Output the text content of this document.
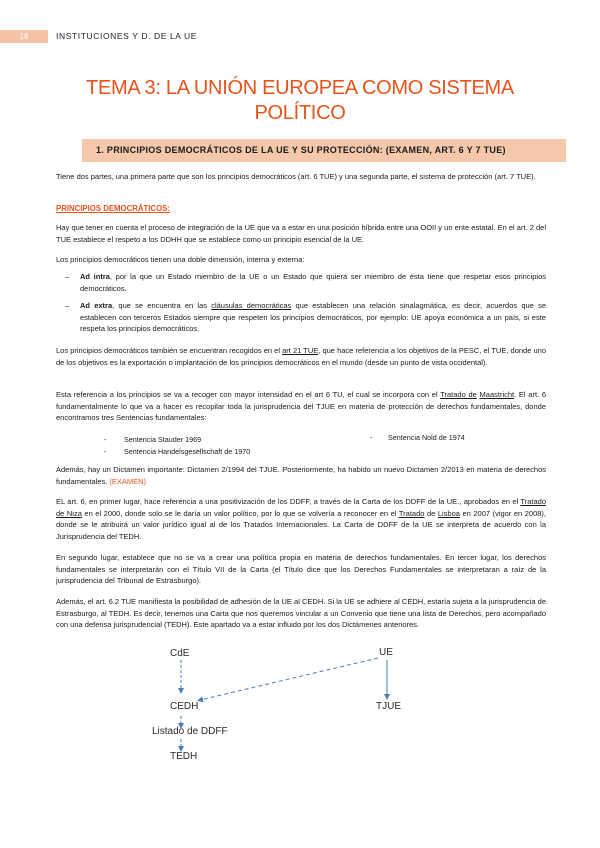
18	INSTITUCIONES Y D. DE LA UE
TEMA 3: LA UNIÓN EUROPEA COMO SISTEMA
POLÍTICO
1. PRINCIPIOS DEMOCRÁTICOS DE LA UE Y SU PROTECCIÓN: (EXAMEN, ART. 6 Y 7 TUE)
Tiene dos partes, una primera parte que son los principios democráticos (art. 6 TUE) y una segunda parte, el sistema de protección (art. 7 TUE).
PRINCIPIOS DEMOCRÁTICOS:
Hay que tener en cuenta el proceso de integración de la UE que va a estar en una posición híbrida entre una OOII y un ente estatal. En el art. 2 del TUE establece el respeto a los DDHH que se establece como un principio esencial de la UE.
Los principios democráticos tienen una doble dimensión, interna y externa:
– Ad intra, por la que un Estado miembro de la UE o un Estado que quiera ser miembro de ésta tiene que respetar esos principios democráticos.
– Ad extra, que se encuentra en las cláusulas democráticas que establecen una relación sinalagmática, es decir, acuerdos que se establecen con terceros Estados siempre que respeten los principios democráticos, por ejemplo: UE apoya económica a un país, si este respeta los principios democráticos.
Los principios democráticos también se encuentran recogidos en el art 21 TUE, que hace referencia a los objetivos de la PESC, el TUE, donde uno de los objetivos es la exportación o implantación de los principios democráticos en el mundo (desde un punto de vista occidental).
Esta referencia a los principios se va a recoger con mayor intensidad en el art 6 TU, el cual se incorpora con el Tratado de Maastricht. El art. 6 fundamentalmente lo que va a hacer es recopilar toda la jurisprudencia del TJUE en materia de protección de derechos fundamentales, donde encontramos tres Sentencias fundamentales:
- Sentencia Stauder 1969
- Sentencia Handelsgesellschaft de 1970
- Sentencia Nold de 1974
Además, hay un Dictamen importante: Dictamen 2/1994 del TJUE. Posteriormente, ha habido un nuevo Dictamen 2/2013 en materia de derechos fundamentales. (EXAMEN)
EL art. 6, en primer lugar, hace referencia a una positivización de los DDFF, a través de la Carta de los DDFF de la UE., aprobados en el Tratado de Niza en el 2000, donde solo se le daría un valor político, por lo que se volvería a reconocer en el Tratado de Lisboa en 2007 (vigor en 2008), donde se le atribuirá un valor jurídico igual al de los Tratados Internacionales. La Carta de DDFF de la UE se interpreta de acuerdo con la Jurisprudencia del TEDH.
En segundo lugar, establece que no se va a crear una política propia en materia de derechos fundamentales. En tercer lugar, los derechos fundamentales se interpretarán con el Título VII de la Carta (el Título dice que los Derechos Fundamentales se interpretaran a raíz de la jurisprudencia del Tribunal de Estrasburgo).
Además, el art. 6.2 TUE manifiesta la posibilidad de adhesión de la UE al CEDH. Si la UE se adhiere al CEDH, estaría sujeta a la jurisprudencia de Estrasburgo, al TEDH. Es decir, tenemos una Carta que nos queremos vincular a un Convenio que tiene una lista de Derechos, pero acompañado con una defensa jurisprudencial (TEDH). Este apartado va a estar influido por los dos Dictámenes anteriores.
CdE	UE
CEDH	TJUE
Listado de DDFF
TEDH
